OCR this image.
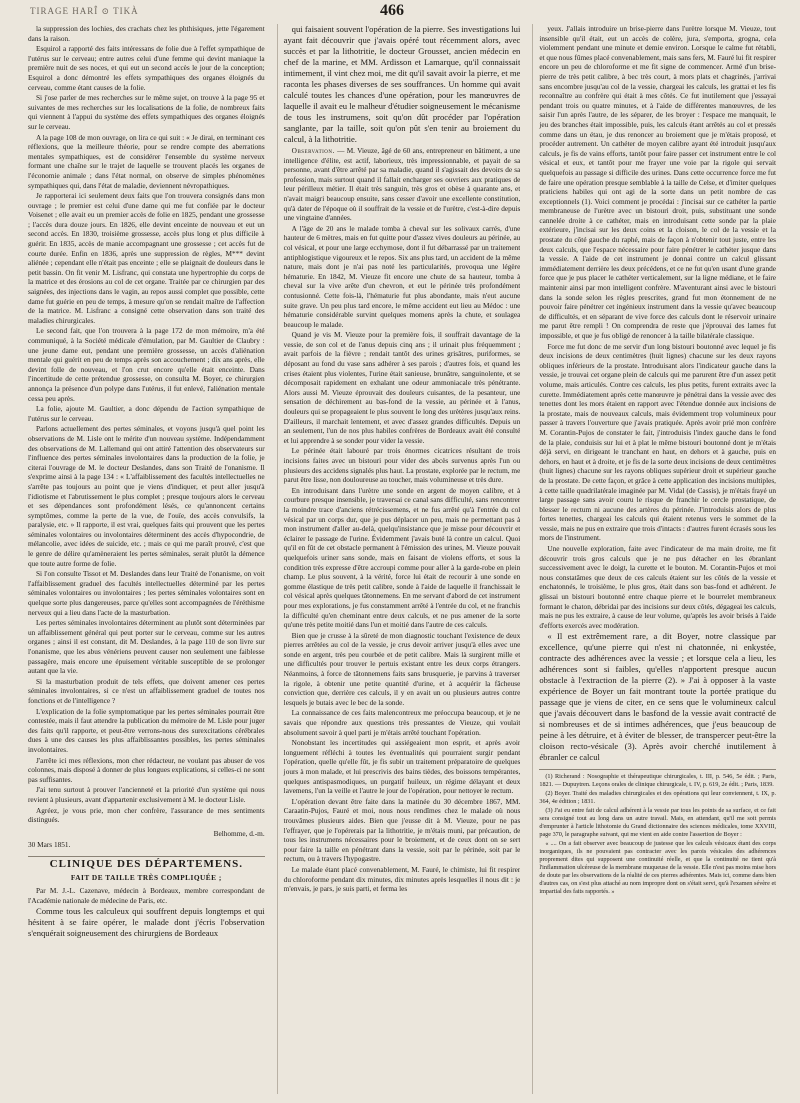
TIRAGE HARÎ ⊙ TIKÀ	466

la suppression des lochies, des crachats chez les phthisiques, jette l'égarement dans la raison.

Esquirol a rapporté des faits intéressans de folie due à l'effet sympathique de l'utérus sur le cerveau; entre autres celui d'une femme qui devint maniaque la première nuit de ses noces, et qui eut un second accès le jour de la conception; Esquirol a donc démontré les effets sympathiques des organes éloignés du cerveau, comme étant causes de la folie.

Si j'ose parler de mes recherches sur le même sujet, on trouve à la page 95 et suivantes de mes recherches sur les localisations de la folie, de nombreux faits qui viennent à l'appui du système des effets sympathiques des organes éloignés sur le cerveau.

A la page 108 de mon ouvrage, on lira ce qui suit : « Je dirai, en terminant ces réflexions, que la meilleure théorie, pour se rendre compte des aberrations mentales sympathiques, est de considérer l'ensemble du système nerveux formant une chaîne sur le trajet de laquelle se trouvent placés les organes de l'économie animale ; dans l'état normal, on observe de simples phénomènes sympathiques qui, dans l'état de maladie, deviennent névropathiques.

Je rapporterai ici seulement deux faits que l'on trouvera consignés dans mon ouvrage ; le premier est celui d'une dame qui me fut confiée par le docteur Voisenet ; elle avait eu un premier accès de folie en 1825, pendant une grossesse ; l'accès dura douze jours. En 1826, elle devint enceinte de nouveau et eut un second accès. En 1830, troisième grossesse, accès plus long et plus difficile à guérir. En 1835, accès de manie accompagnant une grossesse ; cet accès fut de courte durée. Enfin en 1836, après une suppression de règles, M*** devint aliénée ; cependant elle n'était pas enceinte ; elle se plaignait de douleurs dans le petit bassin. On fit venir M. Lisfranc, qui constata une hypertrophie du corps de la matrice et des érosions au col de cet organe. Traitée par ce chirurgien par des saignées, des injections dans le vagin, au repos aussi complet que possible, cette dame fut guérie en peu de temps, à mesure qu'on se rendait maître de l'affection de la matrice. M. Lisfranc a consigné cette observation dans son traité des maladies chirurgicales.

Le second fait, que l'on trouvera à la page 172 de mon mémoire, m'a été communiqué, à la Société médicale d'émulation, par M. Gaultier de Claubry : une jeune dame eut, pendant une première grossesse, un accès d'aliénation mentale qui guérit en peu de temps après son accouchement ; dix ans après, elle devint folle de nouveau, et l'on crut encore qu'elle était enceinte. Dans l'incertitude de cette prétendue grossesse, on consulta M. Boyer, ce chirurgien annonça la présence d'un polype dans l'utérus, il fut enlevé, l'aliénation mentale cessa peu après.

La folie, ajoute M. Gaultier, a donc dépendu de l'action sympathique de l'utérus sur le cerveau.

Parlons actuellement des pertes séminales, et voyons jusqu'à quel point les observations de M. Lisle ont le mérite d'un nouveau système. Indépendamment des observations de M. Lallemand qui ont attiré l'attention des observateurs sur l'influence des pertes séminales involontaires dans la production de la folie, je citerai l'ouvrage de M. le docteur Deslandes, dans son Traité de l'onanisme. Il s'exprime ainsi à la page 134 : « L'affaiblissement des facultés intellectuelles ne s'arrête pas toujours au point que je viens d'indiquer, et peut aller jusqu'à l'idiotisme et l'abrutissement le plus complet ; presque toujours alors le cerveau et ses dépendances sont profondément lésés, ce qu'annoncent certains symptômes, comme la perte de la vue, de l'ouïe, des accès convulsifs, la paralysie, etc. » Il rapporte, il est vrai, quelques faits qui prouvent que les pertes séminales volontaires ou involontaires déterminent des accès d'hypocondrie, de mélancolie, avec idées de suicide, etc. ; mais ce qui me paraît prouvé, c'est que le genre de délire qu'amèneraient les pertes séminales, serait plutôt la démence que toute autre forme de folie.

Si l'on consulte Tissot et M. Deslandes dans leur Traité de l'onanisme, on voit l'affaiblissement graduel des facultés intellectuelles déterminé par les pertes séminales volontaires ou involontaires ; les pertes séminales volontaires sont en quelque sorte plus dangereuses, parce qu'elles sont accompagnées de l'éréthisme nerveux qui a lieu dans l'acte de la masturbation.

Les pertes séminales involontaires déterminent au plutôt sont déterminées par un affaiblissement général qui peut porter sur le cerveau, comme sur les autres organes ; ainsi il est constant, dit M. Deslandes, à la page 110 de son livre sur l'onanisme, que les abus vénériens peuvent causer non seulement une faiblesse passagère, mais encore une épuisement véritable susceptible de se prolonger autant que la vie.

Si la masturbation produit de tels effets, que doivent amener ces pertes séminales involontaires, si ce n'est un affaiblissement graduel de toutes nos fonctions et de l'intelligence ?

L'explication de la folie symptomatique par les pertes séminales pourrait être contestée, mais il faut attendre la publication du mémoire de M. Lisle pour juger des faits qu'il rapporte, et peut-être verrons-nous des surexcitations cérébrales dues à une des causes les plus affaiblissantes possibles, les pertes séminales involontaires.

J'arrête ici mes réflexions, mon cher rédacteur, ne voulant pas abuser de vos colonnes, mais disposé à donner de plus longues explications, si celles-ci ne sont pas suffisantes.

J'ai tenu surtout à prouver l'ancienneté et la priorité d'un système qui nous revient à plusieurs, avant d'appartenir exclusivement à M. le docteur Lisle.

Agréez, je vous prie, mon cher confrère, l'assurance de mes sentiments distingués.

Belhomme, d.-m.
30 Mars 1851.
CLINIQUE DES DÉPARTEMENS.
FAIT DE TAILLE TRÈS COMPLIQUÉE ;

Par M. J.-L. Cazenave, médecin à Bordeaux, membre correspondant de l'Académie nationale de médecine de Paris, etc.

Comme tous les calculeux qui souffrent depuis longtemps et qui hésitent à se faire opérer, le malade dont j'écris l'observation s'enquérait soigneusement des chirurgiens de Bordeaux

qui faisaient souvent l'opération de la pierre. Ses investigations lui ayant fait découvrir que j'avais opéré tout récemment alors, avec succès et par la lithotritie, le docteur Grousset, ancien médecin en chef de la marine, et MM. Ardisson et Lamarque, qu'il connaissait intimement, il vint chez moi, me dit qu'il savait avoir la pierre, et me raconta les phases diverses de ses souffrances. Un homme qui avait calculé toutes les chances d'une opération, pour les manœuvres de laquelle il avait eu le malheur d'étudier soigneusement le mécanisme de tous les instrumens, soit qu'on dût procéder par l'opération sanglante, par la taille, soit qu'on pût s'en tenir au broiement du calcul, à la lithotritie.

Observation. — M. Vieuze, âgé de 60 ans, entrepreneur en bâtiment, a une intelligence d'élite, est actif, laborieux, très impressionnable, et payait de sa personne, avant d'être arrêté par sa maladie, quand il s'agissait des devoirs de sa profession, mais surtout quand il fallait encharger ses ouvriers aux pratiques de leur périlleux métier. Il était très sanguin, très gros et obèse à quarante ans, et n'avait maigri beaucoup ensuite, sans cesser d'avoir une excellente constitution, qu'à dater de l'époque où il souffrait de la vessie et de l'urètre, c'est-à-dire depuis une vingtaine d'années.

A l'âge de 20 ans le malade tomba à cheval sur les solivaux carrés, d'une hauteur de 6 mètres, mais en fut quitte pour d'assez vives douleurs au périnée, au col vésical, et pour une large ecchymose, dont il fut débarrassé par un traitement antiphlogistique vigoureux et le repos. Six ans plus tard, un accident de la même nature, mais dont je n'ai pas noté les particularités, provoqua une légère hématurie. En 1842, M. Vieuze fit encore une chute de sa hauteur, tomba à cheval sur la vive arête d'un chevron, et eut le périnée très profondément contusionné. Cette fois-là, l'hématurie fut plus abondante, mais n'eut aucune suite grave. Un peu plus tard encore, le même accident eut lieu au Médoc : une hématurie considérable survint quelques momens après la chute, et soulagea beaucoup le malade.

Quand je vis M. Vieuze pour la première fois, il souffrait davantage de la vessie, de son col et de l'anus depuis cinq ans ; il urinait plus fréquemment ; avait parfois de la fièvre ; rendait tantôt des urines grisâtres, puriformes, se déposant au fond du vase sans adhérer à ses parois ; d'autres fois, et quand les crises étaient plus violentes, l'urine était sanieuse, brunâtre, sanguinolente, et se décomposait rapidement en exhalant une odeur ammoniacale très pénétrante. Alors aussi M. Vieuze éprouvait des douleurs cuisantes, de la pesanteur, une sensation de déchirement au bas-fond de la vessie, au périnée et à l'anus, douleurs qui se propageaient le plus souvent le long des urètères jusqu'aux reins. D'ailleurs, il marchait lentement, et avec d'assez grandes difficultés. Depuis un an seulement, l'un de nos plus habiles confrères de Bordeaux avait été consulté et lui apprendre à se sonder pour vider la vessie.

Le périnée était labouré par trois énormes cicatrices résultant de trois incisions faites avec un bistouri pour vider des abcès survenus après l'un ou plusieurs des accidens signalés plus haut. La prostate, explorée par le rectum, me parut être lisse, non douloureuse au toucher, mais volumineuse et très dure.

En introduisant dans l'urètre une sonde en argent de moyen calibre, et à courbure presque insensible, je traversai ce canal sans difficulté, sans rencontrer la moindre trace d'anciens rétrécissemens, et ne fus arrêté qu'à l'entrée du col vésical par un corps dur, que je pus déplacer un peu, mais ne permettant pas à mon instrument d'aller au-delà, quelqu'insistance que je misse pour découvrir et éclairer le passage de l'urine. Évidemment j'avais buté là contre un calcul. Quoi qu'il en fût de cet obstacle permanent à l'émission des urines, M. Vieuze pouvait quelquefois uriner sans sonde, mais en faisant de violens efforts, et sous la condition très expresse d'être accroupi comme pour aller à la garde-robe en plein champ. Le plus souvent, à la vérité, force lui était de recourir à une sonde en gomme élastique de très petit calibre, sonde à l'aide de laquelle il franchissait le col vésical après quelques tâtonnemens. En me servant d'abord de cet instrument pour mes explorations, je fus constamment arrêté à l'entrée du col, et ne franchis la difficulté qu'en cheminant entre deux calculs, et ne pus amener de la sorte qu'une très petite moitié dans l'un et moitié dans l'autre de ces calculs.

Bien que je crusse à la sûreté de mon diagnostic touchant l'existence de deux pierres arrêtées au col de la vessie, je crus devoir arriver jusqu'à elles avec une sonde en argent, très peu courbée et de petit calibre. Mais là surgirent mille et une difficultés pour trouver le pertuis existant entre les deux corps étrangers. Néanmoins, à force de tâtonnemens faits sans brusquerie, je parvins à traverser la rigole, à obtenir une petite quantité d'urine, et à acquérir la fâcheuse conviction que, derrière ces calculs, il y en avait un ou plusieurs autres contre lesquels je butais avec le bec de la sonde.

La connaissance de ces faits malencontreux me préoccupa beaucoup, et je ne savais que répondre aux questions très pressantes de Vieuze, qui voulait absolument savoir à quel parti je m'étais arrêté touchant l'opération.

Nonobstant les incertitudes qui assiégeaient mon esprit, et après avoir longuement réfléchi à toutes les éventualités qui pourraient surgir pendant l'opération, quelle qu'elle fût, je fis subir un traitement préparatoire de quelques jours à mon malade, et lui prescrivis des bains tièdes, des boissons tempérantes, quelques antispasmodiques, un purgatif huileux, un régime délayant et deux lavemens, l'un la veille et l'autre le jour de l'opération, pour nettoyer le rectum.

L'opération devant être faite dans la matinée du 30 décembre 1867, MM. Caraatin-Pujos, Fauré et moi, nous nous rendîmes chez le malade où nous trouvâmes plusieurs aides. Bien que j'eusse dit à M. Vieuze, pour ne pas l'effrayer, que je l'opérerais par la lithotritie, je m'étais muni, par précaution, de tous les instrumens nécessaires pour le broiement, et de ceux dont on se sert pour faire la taille en pénétrant dans la vessie, soit par le périnée, soit par le rectum, ou à travers l'hypogastre.

Le malade étant placé convenablement, M. Fauré, le chimiste, lui fit respirer du chloroforme pendant dix minutes, dix minutes après lesquelles il nous dit : je m'envais, je pars, je suis parti, et ferma les

yeux. J'allais introduire un brise-pierre dans l'urètre lorsque M. Vieuze, tout insensible qu'il était, eut un accès de colère, jura, s'emporta, grogna, cela violemment pendant une minute et demie environ. Lorsque le calme fut rétabli, et que nous fûmes placé convenablement, mais sans fers, M. Fauré lui fit respirer encore un peu de chloroforme et me fit signe de commencer. Armé d'un brise-pierre de très petit calibre, à bec très court, à mors plats et chagrinés, j'arrivai sans encombre jusqu'au col de la vessie, chargeai les calculs, les grattai et les fis reconnaître au confrère qui était à mes côtés. Ce fut inutilement que j'essayai pendant trois ou quatre minutes, et à l'aide de différentes manœuvres, de les saisir l'un après l'autre, de les séparer, de les broyer : l'espace me manquait, le jeu des branches était impossible, puis, les calculs étant arrêtés au col et pressés comme dans un étau, je dus renoncer au broiement que je m'étais proposé, et procéder autrement. Un cathéter de moyen calibre ayant été introduit jusqu'aux calculs, je fis de vains efforts, tantôt pour faire passer cet instrument entre le col vésical et eux, et tantôt pour me frayer une voie par la rigole qui servait quelquefois au passage si difficile des urines. Dans cette occurrence force me fut de faire une opération presque semblable à la taille de Celse, et d'imiter quelques praticiens habiles qui ont agi de la sorte dans un petit nombre de cas exceptionnels (1). Voici comment je procédai : j'incisai sur ce cathéter la partie membraneuse de l'urètre avec un bistouri droit, puis, substituant une sonde cannelée droite à ce cathéter, mais en introduisant cette sonde par la plaie extérieure, j'incisai sur les deux coins et la cloison, le col de la vessie et la prostate du côté gauche du raphé, mais de façon à n'obtenir tout juste, entre les deux calculs, que l'espace nécessaire pour faire pénétrer le cathéter jusque dans la vessie. A l'aide de cet instrument je donnai contre un calcul glissant immédiatement derrière les deux précédens, et ce ne fut qu'en usant d'une grande force que je pus placer le cathéter verticalement, sur la ligne médiane, et le faire maintenir ainsi par mon intelligent confrère. M'aventurant ainsi avec le bistouri dans la sonde selon les règles prescrites, grand fut mon étonnement de ne pouvoir faire pénétrer cet ingénieux instrument dans la vessie qu'avec beaucoup de difficultés, et en séparant de vive force des calculs dont le réservoir urinaire me parut être rempli ! On comprendra de reste que j'éprouvai des lames fut impossible, et que je fus obligé de renoncer à la taille bilatérale classique.

Force me fut donc de me servir d'un long bistouri boutonné avec lequel je fis deux incisions de deux centimètres (huit lignes) chacune sur les deux rayons obliques inférieurs de la prostate. Introduisant alors l'indicateur gauche dans la vessie, je trouvai cet organe plein de calculs qui me parurent être d'un assez petit volume, mais articulés. Contre ces calculs, les plus petits, furent extraits avec la curette. Immédiatement après cette manœuvre je pénétrai dans la vessie avec des tenettes dont les mors étaient en rapport avec l'étendue donnée aux incisions de la prostate, mais de nouveaux calculs, mais évidemment trop volumineux pour passer à travers l'ouverture que j'avais pratiquée. Après avoir prié mon confrère M. Corantin-Pujos de constater le fait, j'introduisis l'index gauche dans le fond de la plaie, conduisis sur lui et à plat le même bistouri boutonné dont je m'étais déjà servi, en dirigeant le tranchant en haut, en dehors et à gauche, puis en dehors, en haut et à droite, et je fis de la sorte deux incisions de deux centimètres (huit lignes) chacune sur les rayons obliques supérieur droit et supérieur gauche de la prostate. De cette façon, et grâce à cette application des incisions multiples, à cette taille quadrilatérale imaginée par M. Vidal (de Cassis), je m'étais frayé un large passage sans avoir couru le risque de franchir le cercle prostatique, de blesser le rectum ni aucune des artères du périnée. J'introduisis alors de plus fortes tenettes, chargeai les calculs qui étaient retenus vers le sommet de la vessie, mais ne pus en extraire que trois d'intacts : d'autres furent écrasés sous les mors de l'instrument.

Une nouvelle exploration, faite avec l'indicateur de ma main droite, me fit découvrir trois gros calculs que je ne pus détacher en les ébranlant successivement avec le doigt, la curette et le bouton. M. Corantin-Pujos et moi nous constatâmes que deux de ces calculs étaient sur les côtés de la vessie et enchatonnés, le troisième, le plus gros, était dans son bas-fond et adhérent. Je glissai un bistouri boutonné entre chaque pierre et le bourrelet membraneux formant le chaton, débridai par des incisions sur deux côtés, dégageai les calculs, mais ne pus les extraire, à cause de leur volume, qu'après les avoir brisés à l'aide d'efforts exercés avec modération.

« Il est extrêmement rare, a dit Boyer, notre classique par excellence, qu'une pierre qui n'est ni chatonnée, ni enkystée, contracte des adhérences avec la vessie ; et lorsque cela a lieu, les adhérences sont si faibles, qu'elles n'apportent presque aucun obstacle à l'extraction de la pierre (2). » J'ai à opposer à la vaste expérience de Boyer un fait montrant toute la portée pratique du passage que je viens de citer, en ce sens que le volumineux calcul que j'avais découvert dans le basfond de la vessie avait contracté de si nombreuses et de si intimes adhérences, que j'eus beaucoup de peine à les détruire, et à éviter de blesser, de transpercer peut-être la cloison recto-vésicale (3). Après avoir cherché inutilement à ébranler ce calcul

(1) Richerand : Nosographie et thérapeutique chirurgicales, t. III, p. 546, 5e édit. ; Paris, 1821. — Dupuytren. Leçons orales de clinique chirurgicale, t. IV, p. 619, 2e édit. ; Paris, 1839.

(2) Boyer. Traité des maladies chirurgicales et des opérations qui leur conviennent, t. IX, p. 364, 4e édition ; 1831.

(3) J'ai eu entre fait de calcul adhérent à la vessie par tous les points de sa surface, et ce fait sera consigné tout au long dans un autre travail. Mais, en attendant, qu'il me soit permis d'emprunter à l'article lithotomie du Grand dictionnaire des sciences médicales, tome XXVIII, page 370, le paragraphe suivant, qui me vient en aide contre l'assertion de Boyer :

« .... On a fait observer avec beaucoup de justesse que les calculs vésicaux étant des corps inorganiques, ils ne pouvaient pas contracter avec les parois vésicales des adhérences proprement dites qui supposent une continuité réelle, et que la continuité ne tient qu'à l'inflammation ulcéreuse de la membrane muqueuse de la vessie. Elle n'est pas moins mise hors de doute par les observations de la réalité de ces pierres adhérentes. Mais ici, comme dans bien d'autres cas, on s'est plus attaché au nom impropre dont on s'était servi, qu'à l'examen sévère et impartial des faits rapportés. »
